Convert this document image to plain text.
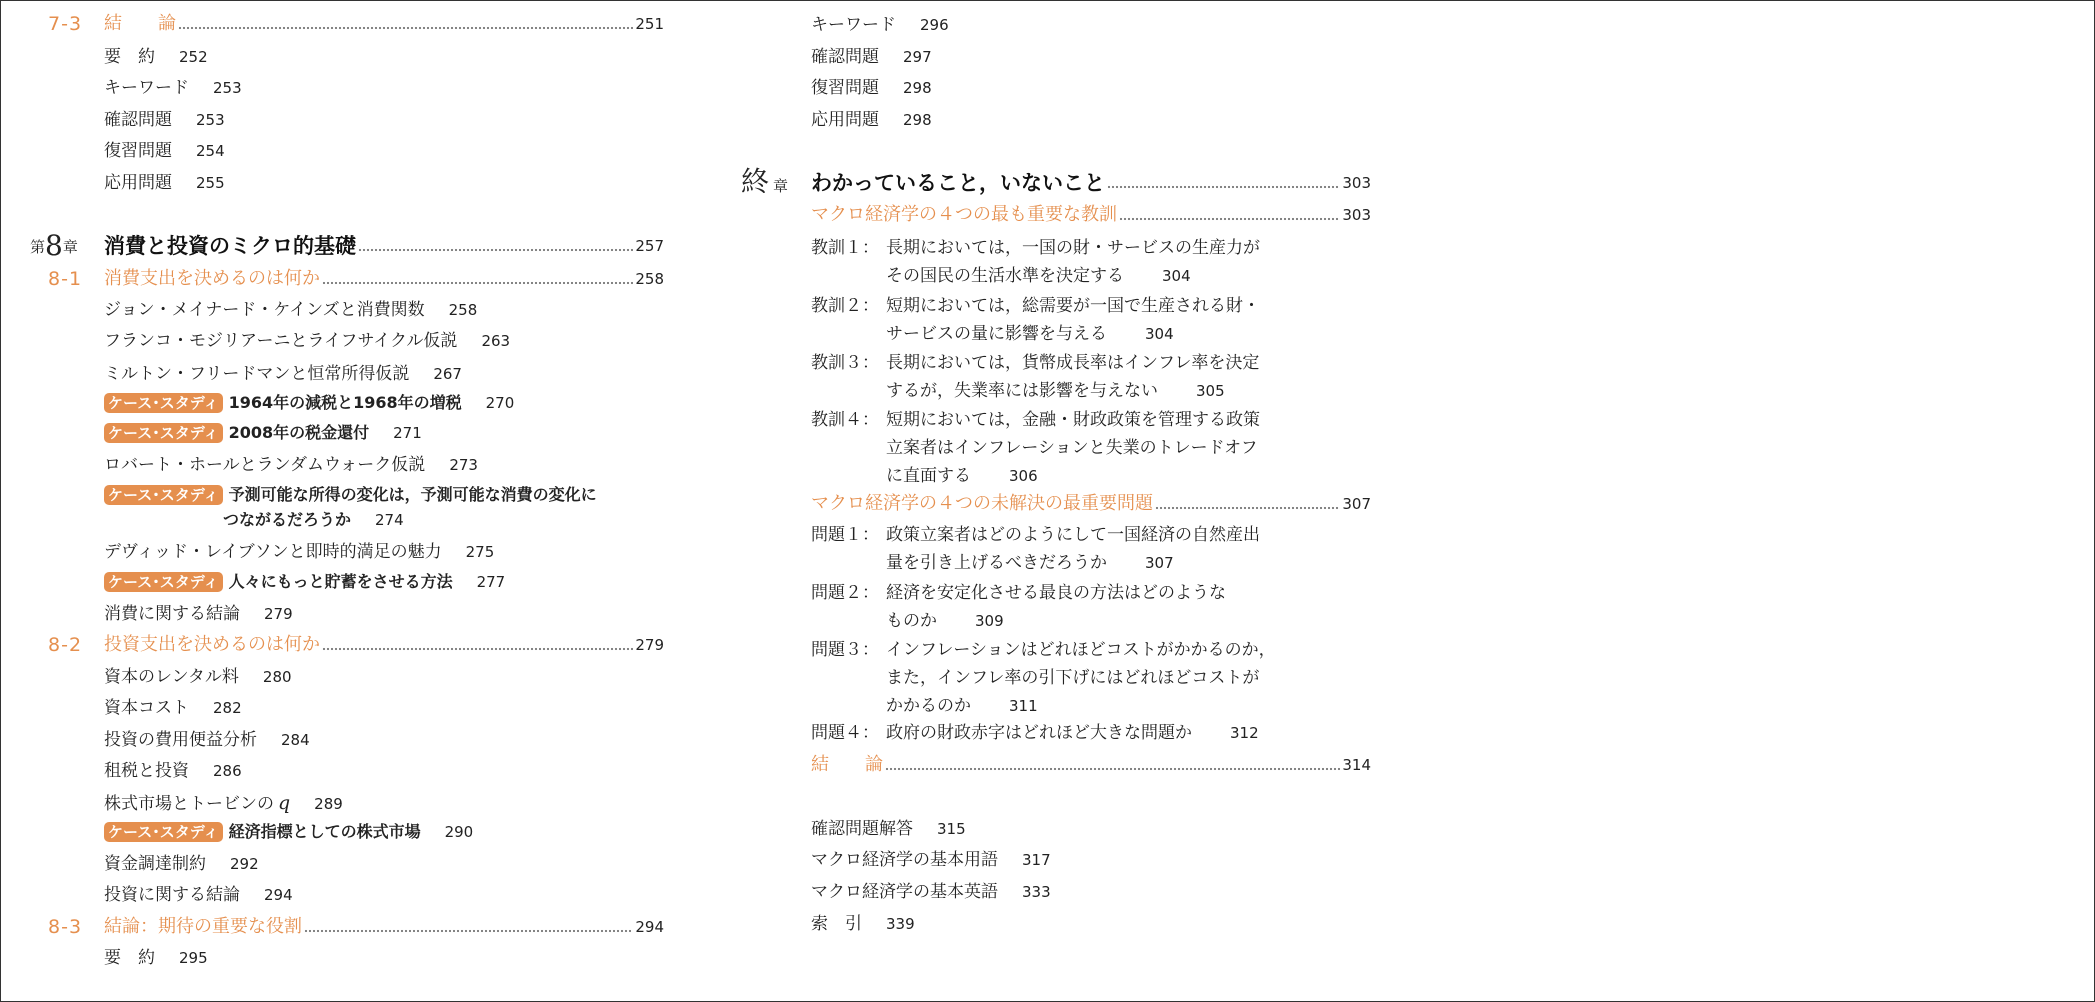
7-3 結　　論	251
要　約 252
キーワード 253
確認問題 253
復習問題 254
応用問題 255
第8章 消費と投資のミクロ的基礎	257
8-1 消費支出を決めるのは何か	258
ジョン・メイナード・ケインズと消費関数 258
フランコ・モジリアーニとライフサイクル仮説 263
ミルトン・フリードマンと恒常所得仮説 267
ケース･スタディ 1964年の減税と1968年の増税 270
ケース･スタディ 2008年の税金還付 271
ロバート・ホールとランダムウォーク仮説 273
ケース･スタディ 予測可能な所得の変化は，予測可能な消費の変化に
つながるだろうか 274
デヴィッド・レイブソンと即時的満足の魅力 275
ケース･スタディ 人々にもっと貯蓄をさせる方法 277
消費に関する結論 279
8-2 投資支出を決めるのは何か	279
資本のレンタル料 280
資本コスト 282
投資の費用便益分析 284
租税と投資 286
株式市場とトービンの q 289
ケース･スタディ 経済指標としての株式市場 290
資金調達制約 292
投資に関する結論 294
8-3 結論：期待の重要な役割	294
要　約 295
キーワード 296
確認問題 297
復習問題 298
応用問題 298
終章 わかっていること，いないこと	303
マクロ経済学の４つの最も重要な教訓	303
教訓１： 長期においては，一国の財・サービスの生産力が
その国民の生活水準を決定する	304
教訓２： 短期においては，総需要が一国で生産される財・
サービスの量に影響を与える	304
教訓３： 長期においては，貨幣成長率はインフレ率を決定
するが，失業率には影響を与えない	305
教訓４： 短期においては，金融・財政政策を管理する政策
立案者はインフレーションと失業のトレードオフ
に直面する	306
マクロ経済学の４つの未解決の最重要問題	307
問題１： 政策立案者はどのようにして一国経済の自然産出
量を引き上げるべきだろうか	307
問題２： 経済を安定化させる最良の方法はどのような
ものか	309
問題３： インフレーションはどれほどコストがかかるのか，
また，インフレ率の引下げにはどれほどコストが
かかるのか	311
問題４： 政府の財政赤字はどれほど大きな問題か	312
結　　論	314
確認問題解答 315
マクロ経済学の基本用語 317
マクロ経済学の基本英語 333
索　引 339
